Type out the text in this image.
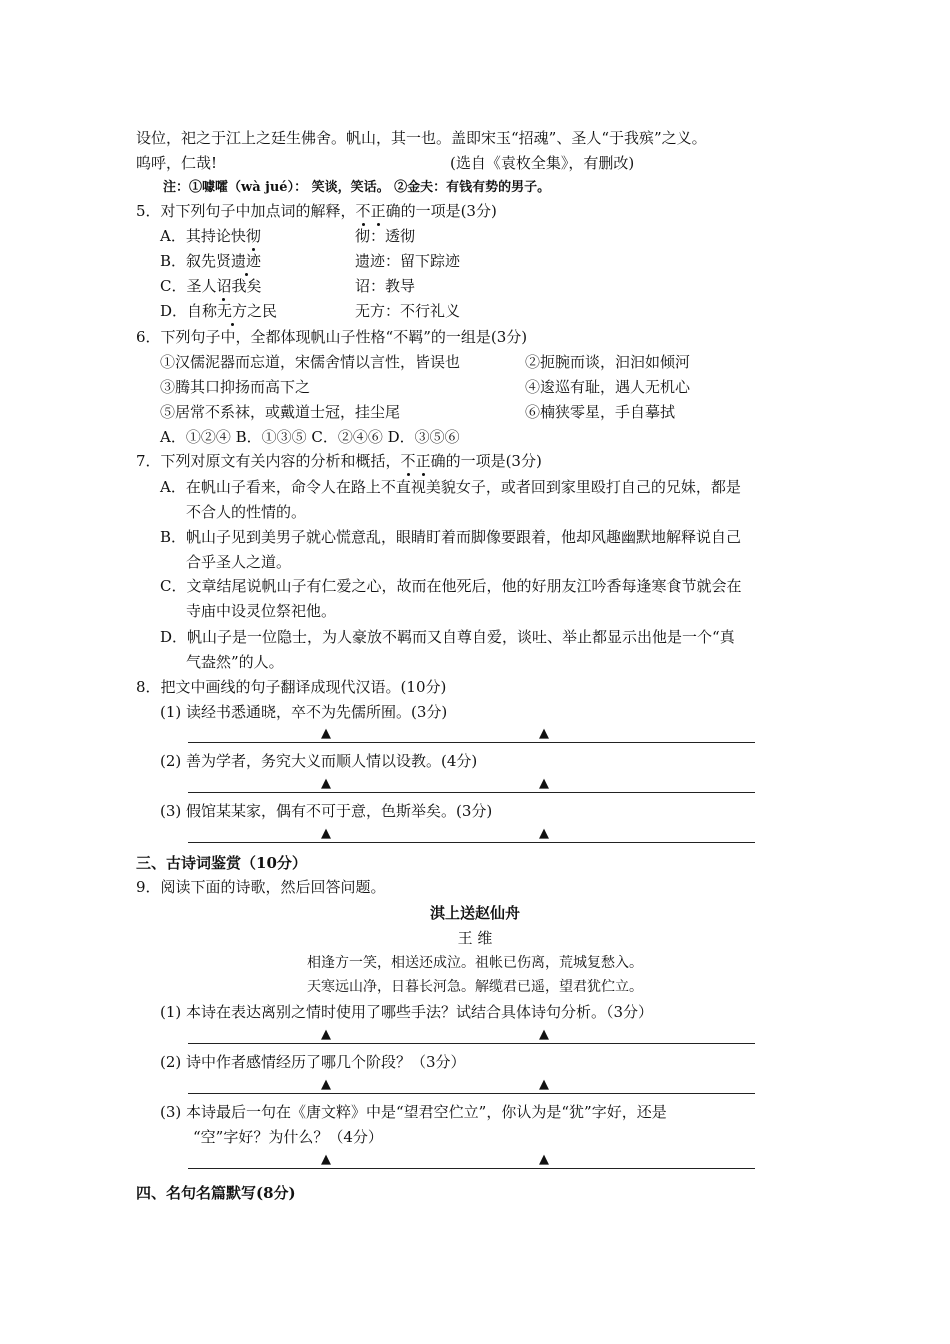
设位，祀之于江上之廷生佛舍。帆山，其一也。盖即宋玉“招魂”、圣人“于我殡”之义。
呜呼，仁哉!	(选自《袁枚全集》，有删改)
注：①噱嚯（wà jué）： 笑谈，笑话。 ②金夫：有钱有势的男子。
5．对下列句子中加点词的解释，不正确的一项是(3分)
A．其持论快彻	彻：透彻
B．叙先贤遗迹	遗迹：留下踪迹
C．圣人诏我矣	诏：教导
D．自称无方之民	无方：不行礼义
6．下列句子中，全都体现帆山子性格“不羁”的一组是(3分)
①汉儒泥器而忘道，宋儒舍情以言性，皆误也	②扼腕而谈，汩汩如倾河
③腾其口抑扬而高下之	④逡巡有耻，遇人无机心
⑤居常不系袜，或戴道士冠，挂尘尾	⑥楠狭零星，手自摹拭
A．①②④ B．①③⑤ C．②④⑥ D．③⑤⑥
7．下列对原文有关内容的分析和概括，不正确的一项是(3分)
A．在帆山子看来，命令人在路上不直视美貌女子，或者回到家里殴打自己的兄妹，都是
不合人的性情的。
B．帆山子见到美男子就心慌意乱，眼睛盯着而脚像要跟着，他却风趣幽默地解释说自己
合乎圣人之道。
C．文章结尾说帆山子有仁爱之心，故而在他死后，他的好朋友江吟香每逢寒食节就会在
寺庙中设灵位祭祀他。
D．帆山子是一位隐士，为人豪放不羁而又自尊自爱，谈吐、举止都显示出他是一个“真
气盎然”的人。
8．把文中画线的句子翻译成现代汉语。(10分)
(1) 读经书悉通晓，卒不为先儒所囿。(3分)
▲	▲
(2) 善为学者，务究大义而顺人情以设教。(4分)
▲	▲
(3) 假馆某某家，偶有不可于意，色斯举矣。(3分)
▲	▲
三、古诗词鉴赏（10分）
9．阅读下面的诗歌，然后回答问题。
淇上送赵仙舟
王 维
相逢方一笑，相送还成泣。祖帐已伤离，荒城复愁入。
天寒远山净，日暮长河急。解缆君已遥，望君犹伫立。
(1) 本诗在表达离别之情时使用了哪些手法？试结合具体诗句分析。（3分）
▲	▲
(2) 诗中作者感情经历了哪几个阶段？（3分）
▲	▲
(3) 本诗最后一句在《唐文粹》中是“望君空伫立”，你认为是“犹”字好，还是
“空”字好？为什么？（4分）
▲	▲
四、名句名篇默写(8分)
